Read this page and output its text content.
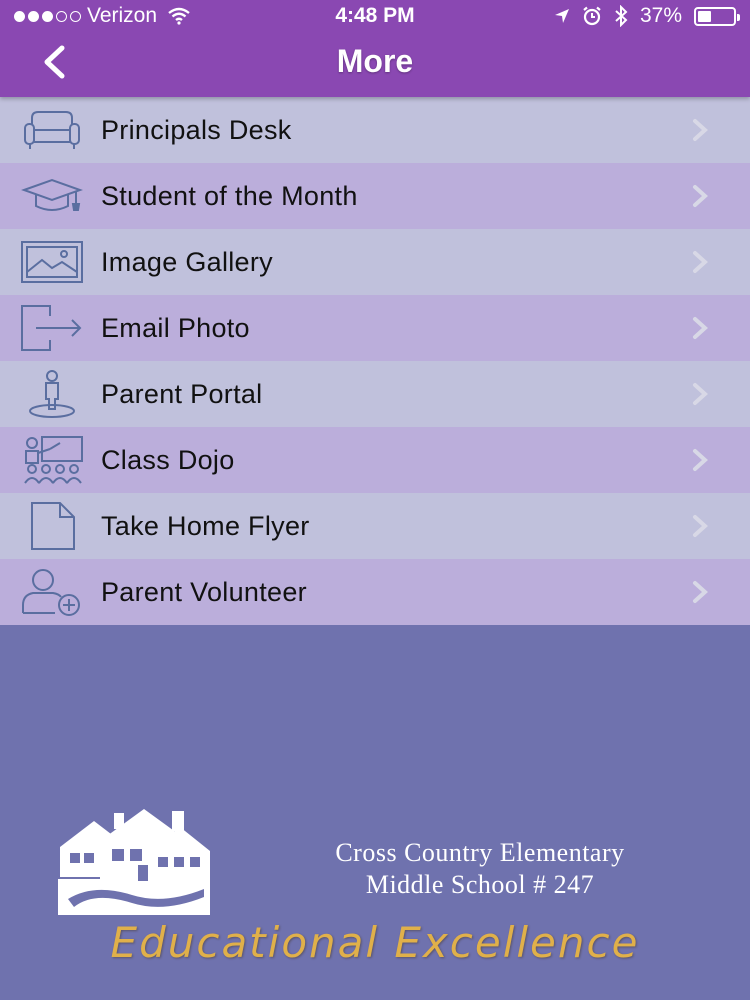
Verizon	4:48 PM	37%
More
Principals Desk
Student of the Month
Image Gallery
Email Photo
Parent Portal
Class Dojo
Take Home Flyer
Parent Volunteer
Cross Country Elementary
Middle School # 247
Educational Excellence
